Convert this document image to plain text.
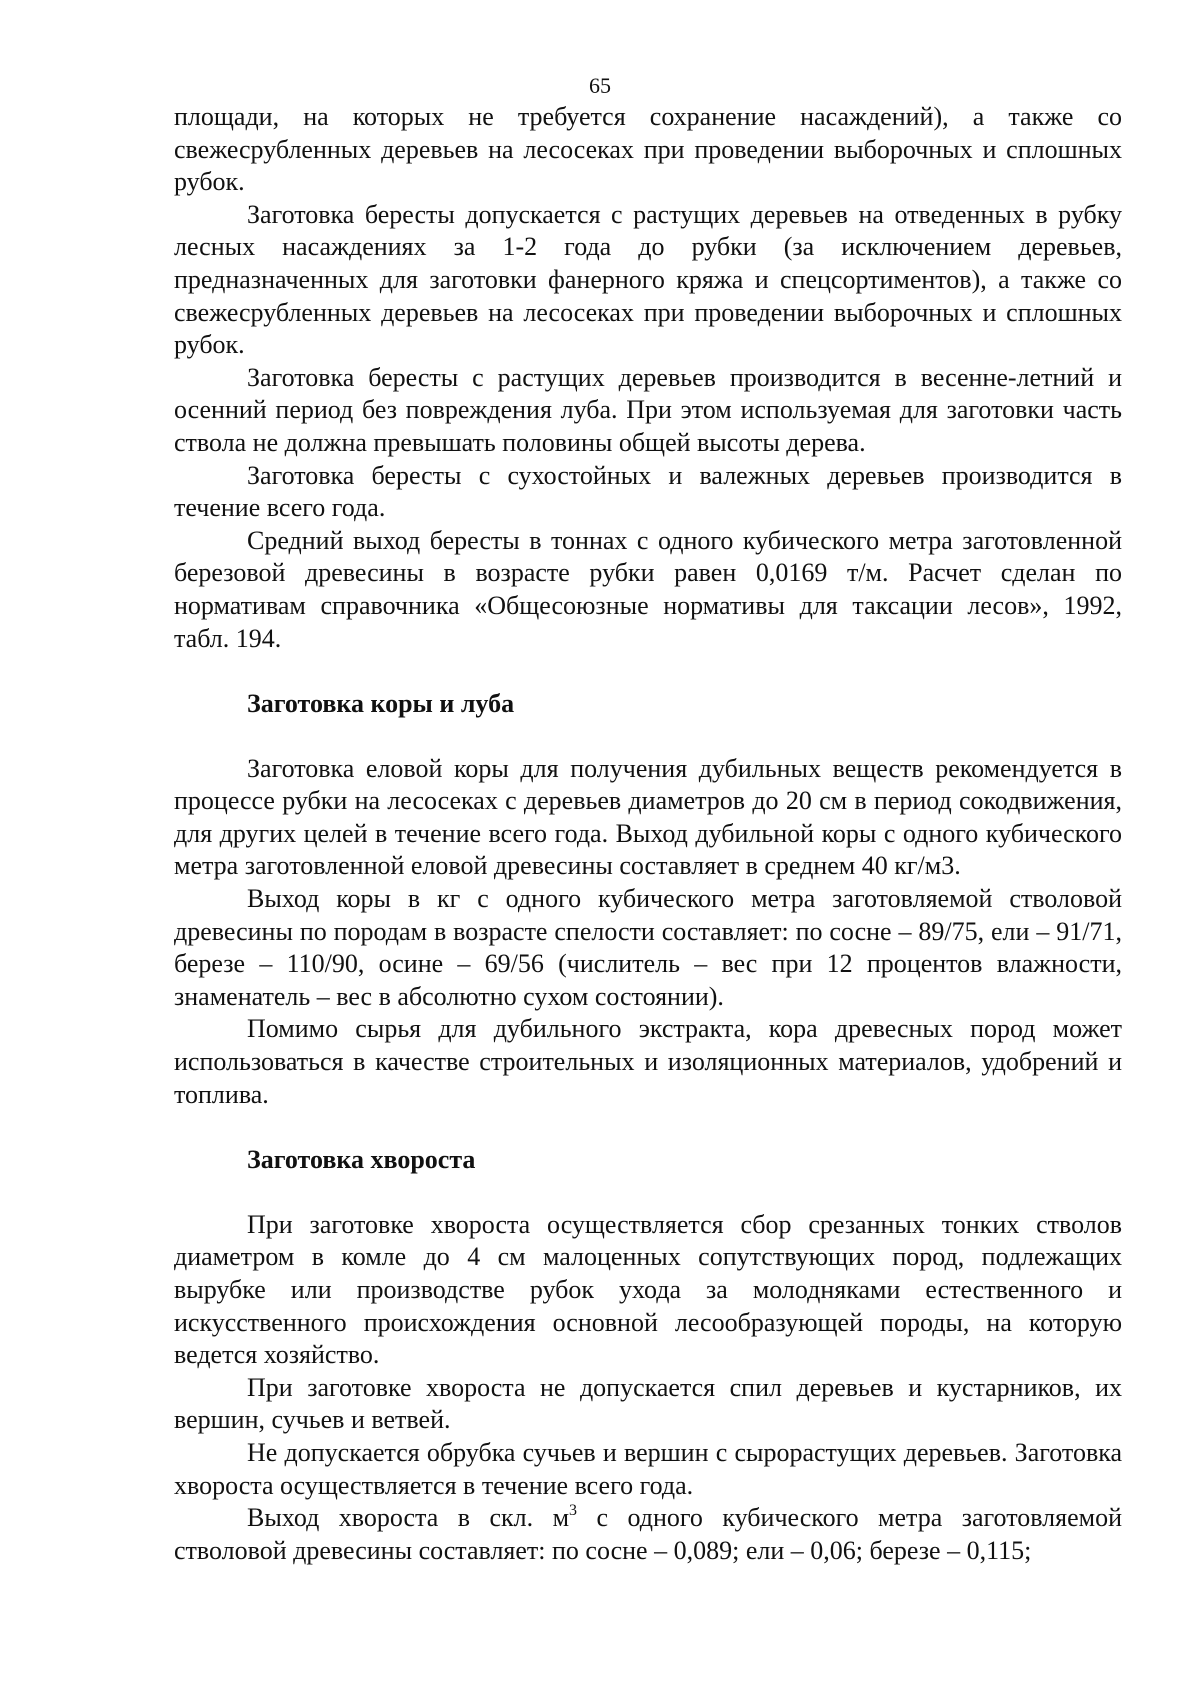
65

площади, на которых не требуется сохранение насаждений), а также со свежесрубленных деревьев на лесосеках при проведении выборочных и сплошных рубок.

Заготовка бересты допускается с растущих деревьев на отведенных в рубку лесных насаждениях за 1-2 года до рубки (за исключением деревьев, предназначенных для заготовки фанерного кряжа и спецсортиментов), а также со свежесрубленных деревьев на лесосеках при проведении выборочных и сплошных рубок.

Заготовка бересты с растущих деревьев производится в весенне-летний и осенний период без повреждения луба. При этом используемая для заготовки часть ствола не должна превышать половины общей высоты дерева.

Заготовка бересты с сухостойных и валежных деревьев производится в течение всего года.

Средний выход бересты в тоннах с одного кубического метра заготовленной березовой древесины в возрасте рубки равен 0,0169 т/м. Расчет сделан по нормативам справочника «Общесоюзные нормативы для таксации лесов», 1992, табл. 194.

Заготовка коры и луба

Заготовка еловой коры для получения дубильных веществ рекомендуется в процессе рубки на лесосеках с деревьев диаметров до 20 см в период сокодвижения, для других целей в течение всего года. Выход дубильной коры с одного кубического метра заготовленной еловой древесины составляет в среднем 40 кг/м3.

Выход коры в кг с одного кубического метра заготовляемой стволовой древесины по породам в возрасте спелости составляет: по сосне – 89/75, ели – 91/71, березе – 110/90, осине – 69/56 (числитель – вес при 12 процентов влажности, знаменатель – вес в абсолютно сухом состоянии).

Помимо сырья для дубильного экстракта, кора древесных пород может использоваться в качестве строительных и изоляционных материалов, удобрений и топлива.

Заготовка хвороста

При заготовке хвороста осуществляется сбор срезанных тонких стволов диаметром в комле до 4 см малоценных сопутствующих пород, подлежащих вырубке или производстве рубок ухода за молодняками естественного и искусственного происхождения основной лесообразующей породы, на которую ведется хозяйство.

При заготовке хвороста не допускается спил деревьев и кустарников, их вершин, сучьев и ветвей.

Не допускается обрубка сучьев и вершин с сырорастущих деревьев. Заготовка хвороста осуществляется в течение всего года.

Выход хвороста в скл. $м^3$ с одного кубического метра заготовляемой стволовой древесины составляет: по сосне – 0,089; ели – 0,06; березе – 0,115;
